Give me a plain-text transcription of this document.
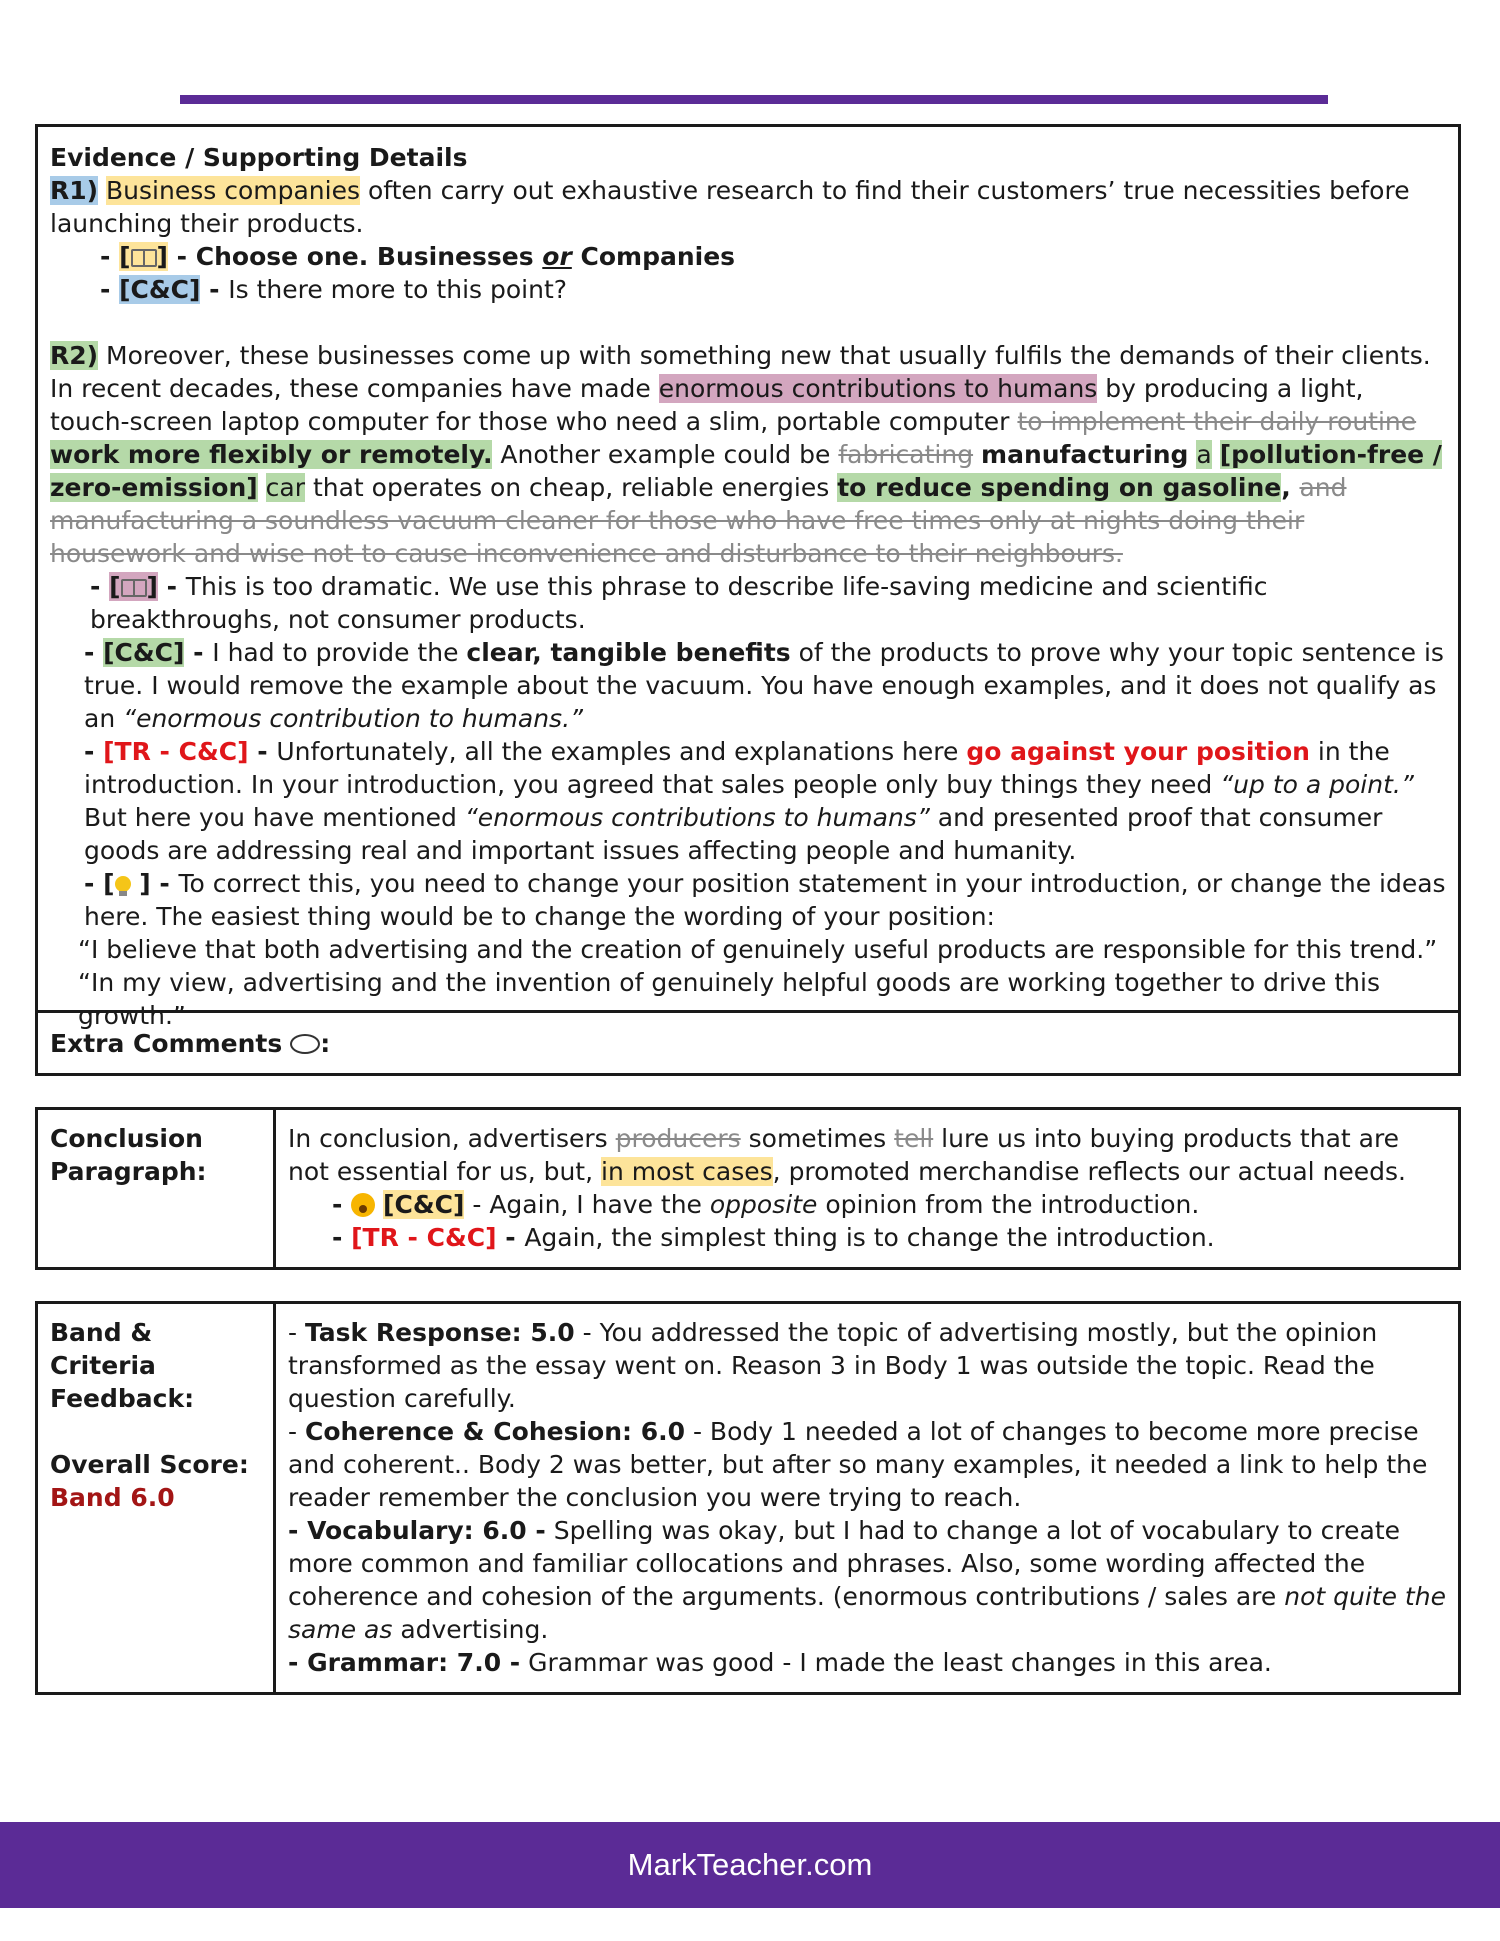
Evidence / Supporting Details

R1) Business companies often carry out exhaustive research to find their customers’ true necessities before launching their products.

- [ ] - Choose one. Businesses or Companies

- [C&C] - Is there more to this point?

R2) Moreover, these businesses come up with something new that usually fulfils the demands of their clients. In recent decades, these companies have made enormous contributions to humans by producing a light, touch-screen laptop computer for those who need a slim, portable computer to implement their daily routine work more flexibly or remotely. Another example could be fabricating manufacturing a [pollution-free / zero-emission] car that operates on cheap, reliable energies to reduce spending on gasoline, and manufacturing a soundless vacuum cleaner for those who have free times only at nights doing their housework and wise not to cause inconvenience and disturbance to their neighbours.

- [ ] - This is too dramatic. We use this phrase to describe life-saving medicine and scientific breakthroughs, not consumer products.

- [C&C] - I had to provide the clear, tangible benefits of the products to prove why your topic sentence is true. I would remove the example about the vacuum. You have enough examples, and it does not qualify as an “enormous contribution to humans.”

- [TR - C&C] - Unfortunately, all the examples and explanations here go against your position in the introduction. In your introduction, you agreed that sales people only buy things they need “up to a point.” But here you have mentioned “enormous contributions to humans” and presented proof that consumer goods are addressing real and important issues affecting people and humanity.

- [ ] - To correct this, you need to change your position statement in your introduction, or change the ideas here. The easiest thing would be to change the wording of your position:

“I believe that both advertising and the creation of genuinely useful products are responsible for this trend.”

“In my view, advertising and the invention of genuinely helpful goods are working together to drive this growth.”

Extra Comments :
Conclusion Paragraph:

In conclusion, advertisers producers sometimes tell lure us into buying products that are not essential for us, but, in most cases, promoted merchandise reflects our actual needs.

-  [C&C] - Again, I have the opposite opinion from the introduction.

- [TR - C&C] - Again, the simplest thing is to change the introduction.

Band & Criteria Feedback:

Overall Score:

Band 6.0

- Task Response: 5.0 - You addressed the topic of advertising mostly, but the opinion transformed as the essay went on. Reason 3 in Body 1 was outside the topic. Read the question carefully.

- Coherence & Cohesion: 6.0 - Body 1 needed a lot of changes to become more precise and coherent.. Body 2 was better, but after so many examples, it needed a link to help the reader remember the conclusion you were trying to reach.

- Vocabulary: 6.0 - Spelling was okay, but I had to change a lot of vocabulary to create more common and familiar collocations and phrases. Also, some wording affected the coherence and cohesion of the arguments. (enormous contributions / sales are not quite the same as advertising.

- Grammar: 7.0 - Grammar was good - I made the least changes in this area.

MarkTeacher.com
